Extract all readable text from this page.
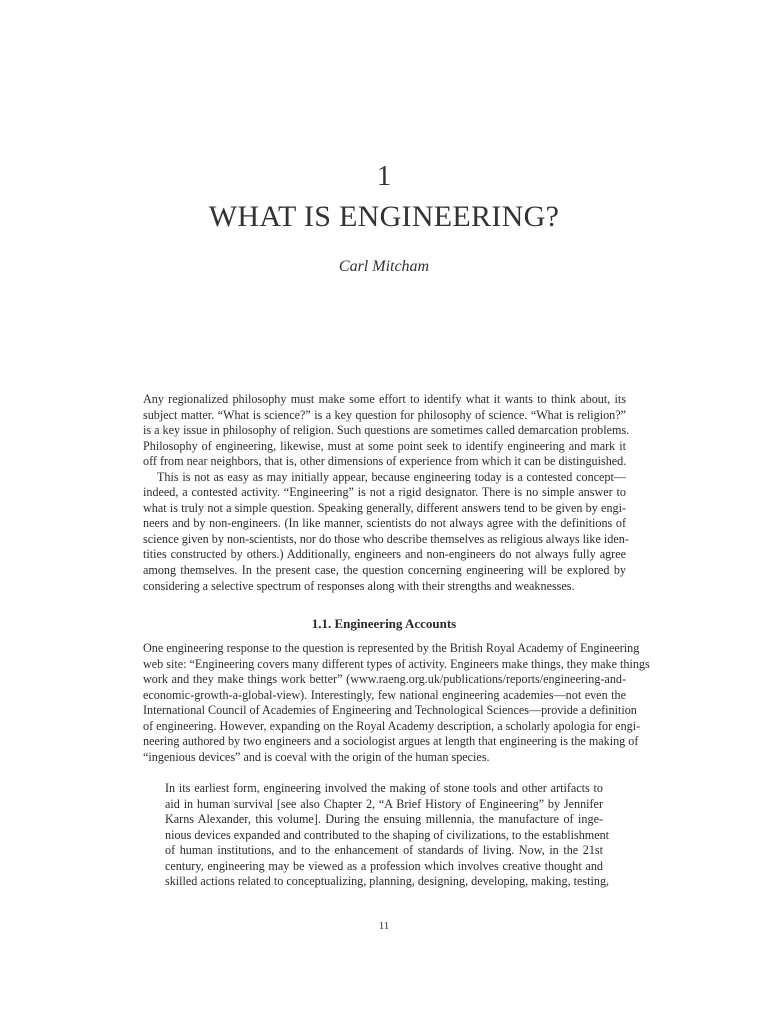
1
WHAT IS ENGINEERING?
Carl Mitcham
Any regionalized philosophy must make some effort to identify what it wants to think about, its
subject matter. “What is science?” is a key question for philosophy of science. “What is religion?”
is a key issue in philosophy of religion. Such questions are sometimes called demarcation problems.
Philosophy of engineering, likewise, must at some point seek to identify engineering and mark it
off from near neighbors, that is, other dimensions of experience from which it can be distinguished.
This is not as easy as may initially appear, because engineering today is a contested concept—
indeed, a contested activity. “Engineering” is not a rigid designator. There is no simple answer to
what is truly not a simple question. Speaking generally, different answers tend to be given by engi-
neers and by non-engineers. (In like manner, scientists do not always agree with the definitions of
science given by non-scientists, nor do those who describe themselves as religious always like iden-
tities constructed by others.) Additionally, engineers and non-engineers do not always fully agree
among themselves. In the present case, the question concerning engineering will be explored by
considering a selective spectrum of responses along with their strengths and weaknesses.
1.1. Engineering Accounts
One engineering response to the question is represented by the British Royal Academy of Engineering
web site: “Engineering covers many different types of activity. Engineers make things, they make things
work and they make things work better” (www.raeng.org.uk/publications/reports/engineering-and-
economic-growth-a-global-view). Interestingly, few national engineering academies—not even the
International Council of Academies of Engineering and Technological Sciences—provide a definition
of engineering. However, expanding on the Royal Academy description, a scholarly apologia for engi-
neering authored by two engineers and a sociologist argues at length that engineering is the making of
“ingenious devices” and is coeval with the origin of the human species.
In its earliest form, engineering involved the making of stone tools and other artifacts to
aid in human survival [see also Chapter 2, “A Brief History of Engineering” by Jennifer
Karns Alexander, this volume]. During the ensuing millennia, the manufacture of inge-
nious devices expanded and contributed to the shaping of civilizations, to the establishment
of human institutions, and to the enhancement of standards of living. Now, in the 21st
century, engineering may be viewed as a profession which involves creative thought and
skilled actions related to conceptualizing, planning, designing, developing, making, testing,
11
